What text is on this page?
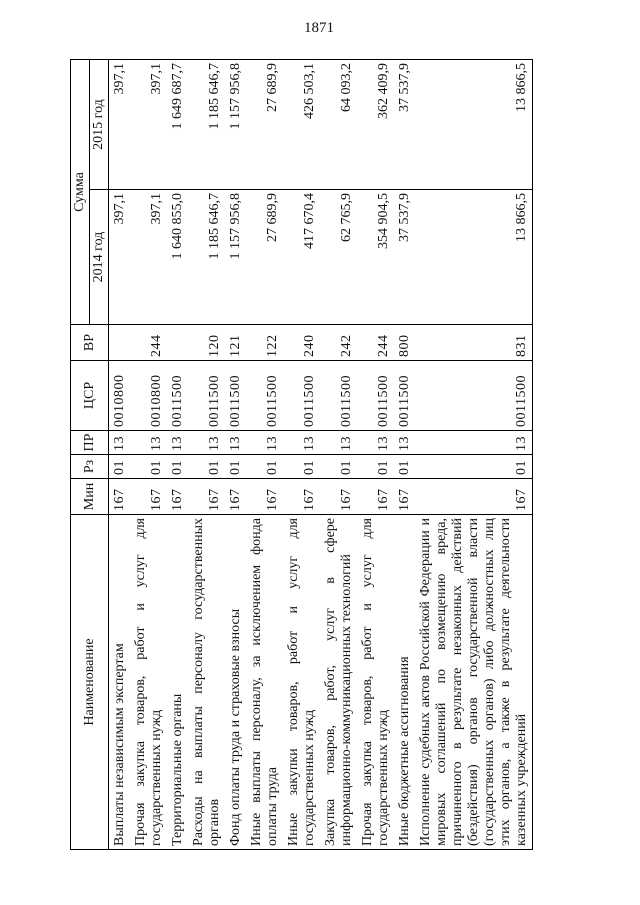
1871
Наименование	Мин	Рз	ПР	ЦСР	ВР	Сумма	
						2014 год	2015 год
Выплаты независимым экспертам	167	01	13	0010800		397,1	397,1
Прочая закупка товаров, работ и услуг для государственных нужд	167	01	13	0010800	244	397,1	397,1
Территориальные органы	167	01	13	0011500		1 640 855,0	1 649 687,7
Расходы на выплаты персоналу государственных органов	167	01	13	0011500	120	1 185 646,7	1 185 646,7
Фонд оплаты труда и страховые взносы	167	01	13	0011500	121	1 157 956,8	1 157 956,8
Иные выплаты персоналу, за исключением фонда оплаты труда	167	01	13	0011500	122	27 689,9	27 689,9
Иные закупки товаров, работ и услуг для государственных нужд	167	01	13	0011500	240	417 670,4	426 503,1
Закупка товаров, работ, услуг в сфере информационно-коммуникационных технологий	167	01	13	0011500	242	62 765,9	64 093,2
Прочая закупка товаров, работ и услуг для государственных нужд	167	01	13	0011500	244	354 904,5	362 409,9
Иные бюджетные ассигнования	167	01	13	0011500	800	37 537,9	37 537,9
Исполнение судебных актов Российской Федерации и мировых соглашений по возмещению вреда, причиненного в результате незаконных действий (бездействия) органов государственной власти (государственных органов) либо должностных лиц этих органов, а также в результате деятельности казенных учреждений	167	01	13	0011500	831	13 866,5	13 866,5
